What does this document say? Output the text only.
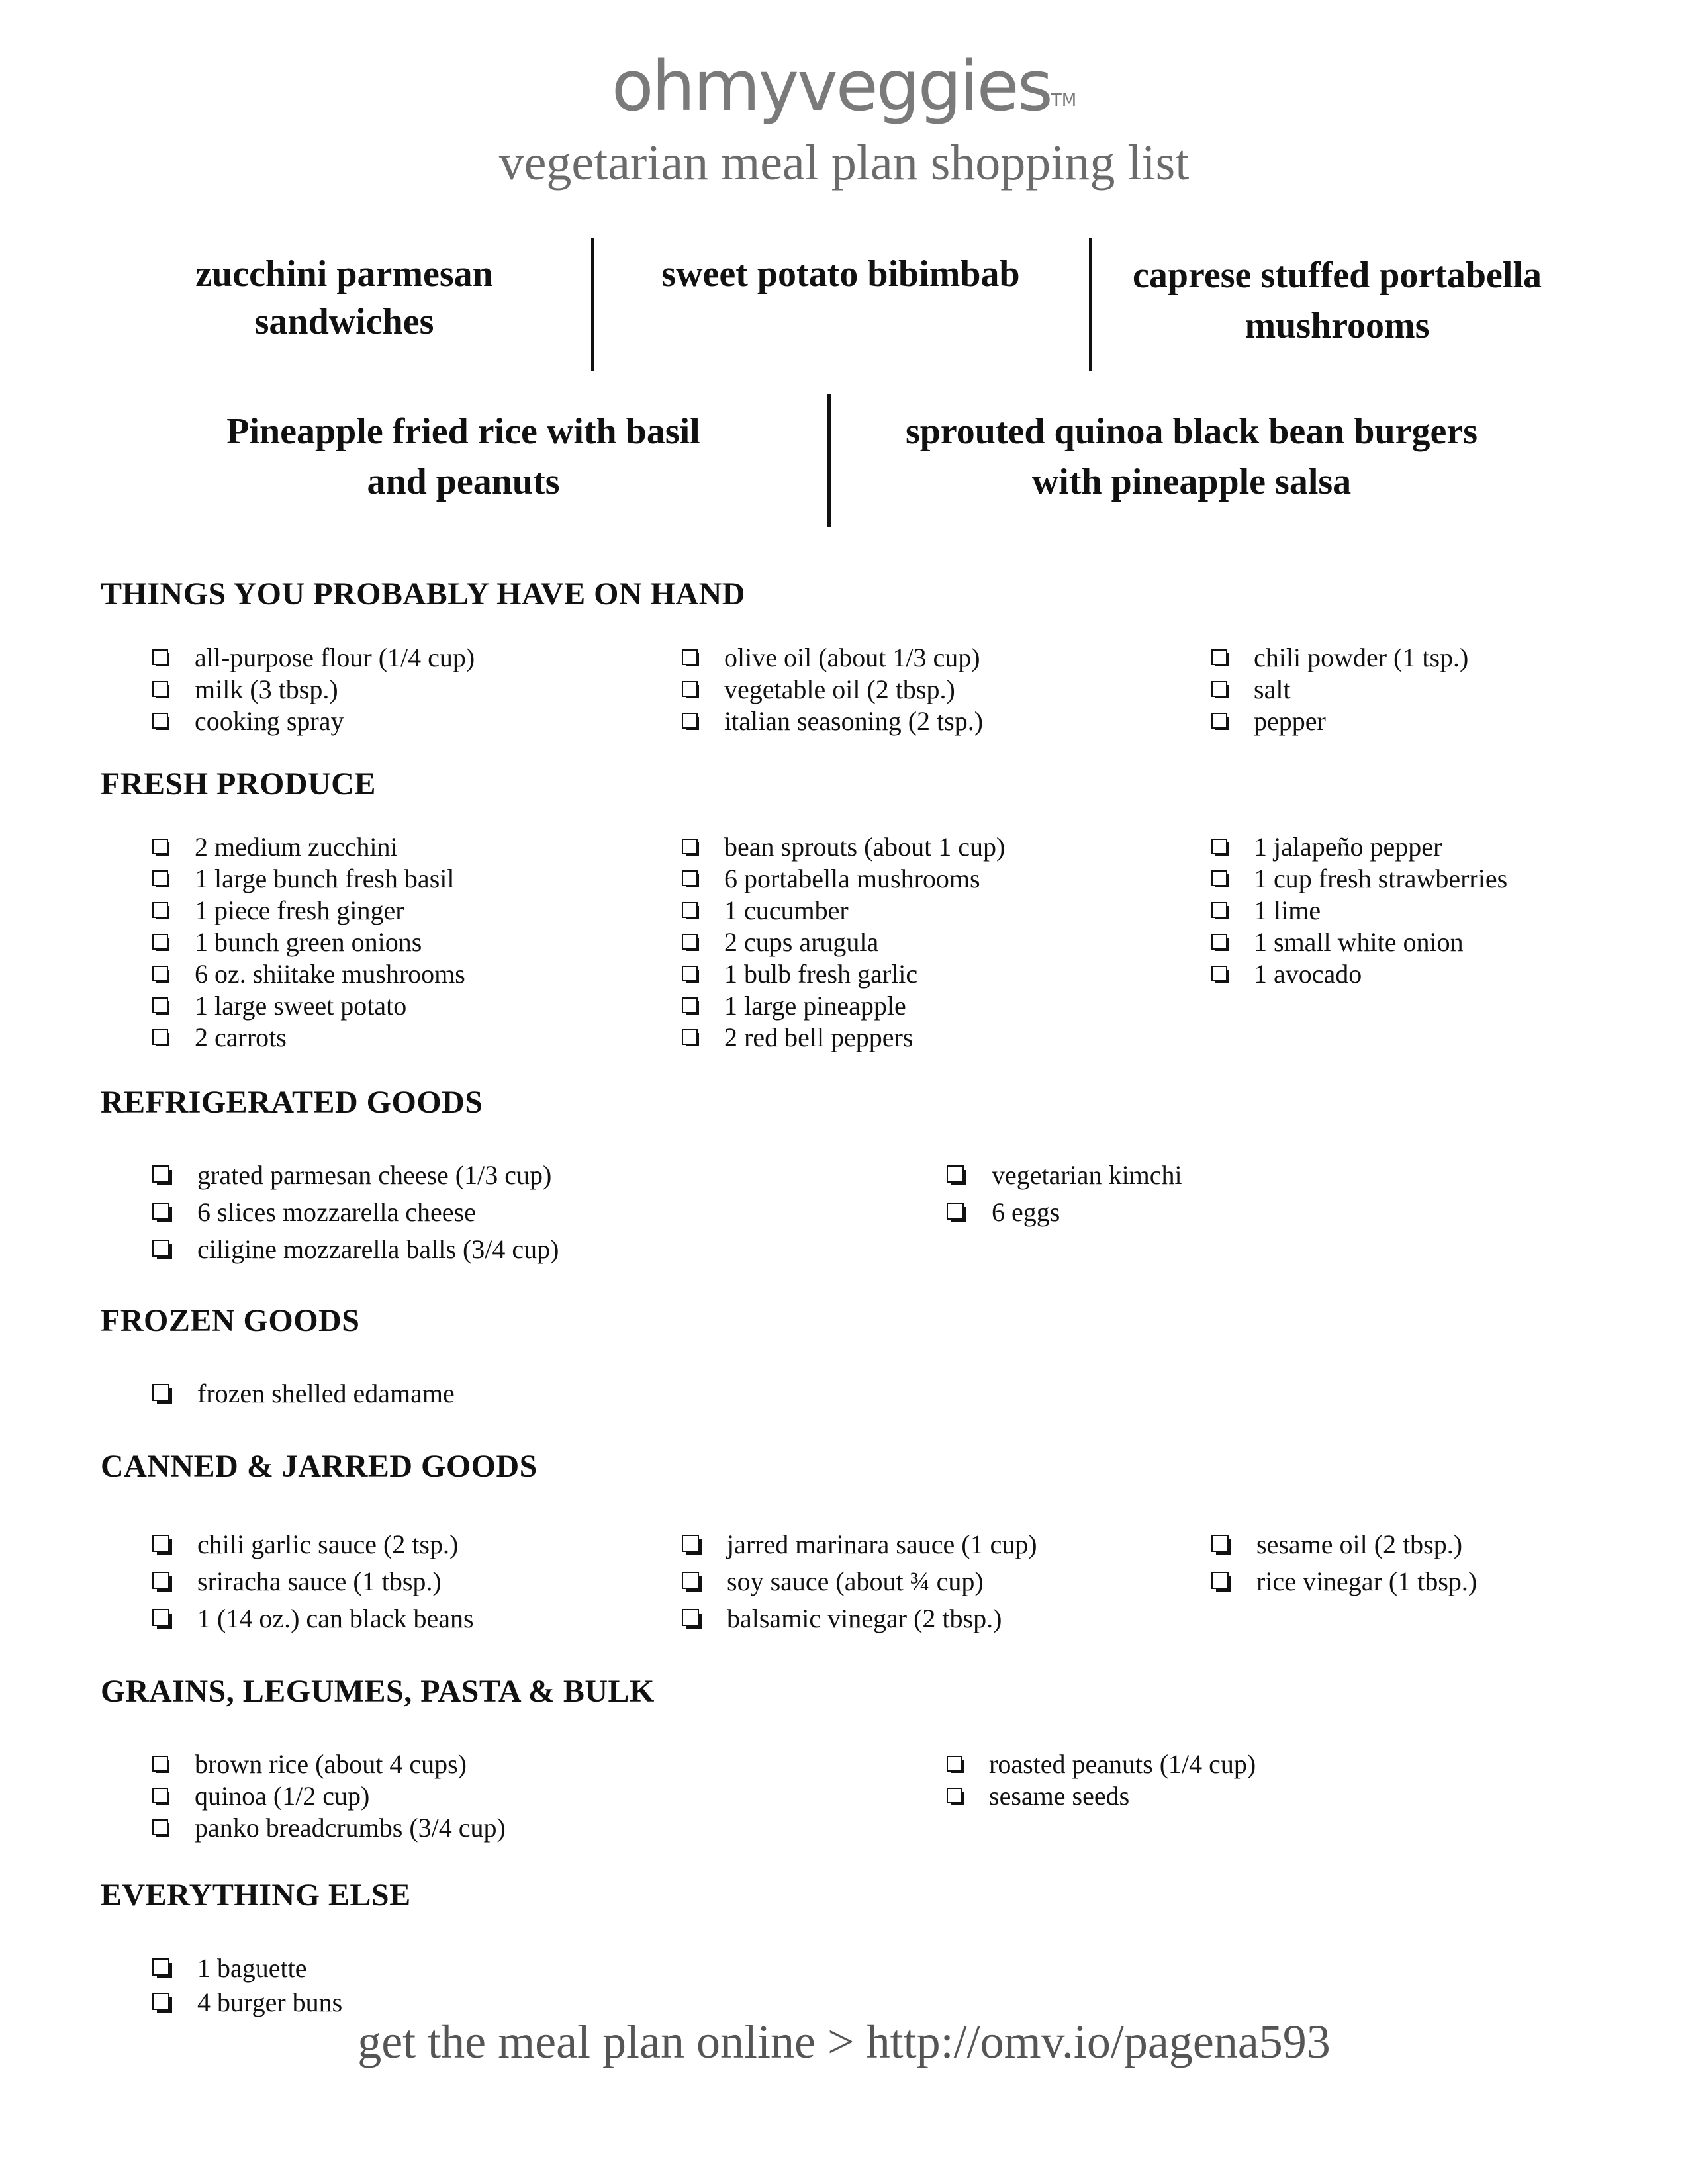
ohmyveggies™
vegetarian meal plan shopping list
zucchini parmesan
sandwiches
sweet potato bibimbab	caprese stuffed portabella
mushrooms
Pineapple fried rice with basil
and peanuts
sprouted quinoa black bean burgers
with pineapple salsa
THINGS YOU PROBABLY HAVE ON HAND
all-purpose flour (1/4 cup)
milk (3 tbsp.)
cooking spray
olive oil (about 1/3 cup)
vegetable oil (2 tbsp.)
italian seasoning (2 tsp.)
chili powder (1 tsp.)
salt
pepper
FRESH PRODUCE
2 medium zucchini
1 large bunch fresh basil
1 piece fresh ginger
1 bunch green onions
6 oz. shiitake mushrooms
1 large sweet potato
2 carrots
bean sprouts (about 1 cup)
6 portabella mushrooms
1 cucumber
2 cups arugula
1 bulb fresh garlic
1 large pineapple
2 red bell peppers
1 jalapeño pepper
1 cup fresh strawberries
1 lime
1 small white onion
1 avocado
REFRIGERATED GOODS
grated parmesan cheese (1/3 cup)
6 slices mozzarella cheese
ciligine mozzarella balls (3/4 cup)
vegetarian kimchi
6 eggs
FROZEN GOODS
frozen shelled edamame
CANNED & JARRED GOODS
chili garlic sauce (2 tsp.)
sriracha sauce (1 tbsp.)
1 (14 oz.) can black beans
jarred marinara sauce (1 cup)
soy sauce (about ¾ cup)
balsamic vinegar (2 tbsp.)
sesame oil (2 tbsp.)
rice vinegar (1 tbsp.)
GRAINS, LEGUMES, PASTA & BULK
brown rice (about 4 cups)
quinoa (1/2 cup)
panko breadcrumbs (3/4 cup)
roasted peanuts (1/4 cup)
sesame seeds
EVERYTHING ELSE
1 baguette
4 burger buns
get the meal plan online > http://omv.io/pagena593
